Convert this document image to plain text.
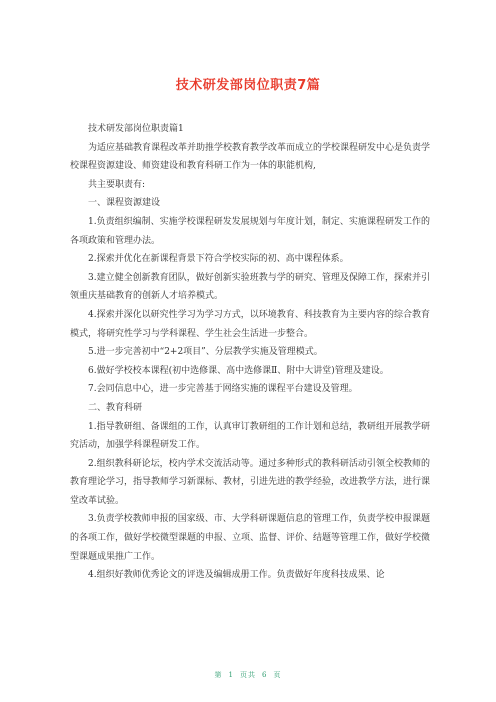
技术研发部岗位职责7篇

技术研发部岗位职责篇1

为适应基础教育课程改革并助推学校教育教学改革而成立的学校课程研发中心是负责学校课程资源建设、师资建设和教育科研工作为一体的职能机构,

共主要职责有:

一、课程资源建设

1.负责组织编制、实施学校课程研发发展规划与年度计划，制定、实施课程研发工作的各项政策和管理办法。

2.探索并优化在新课程背景下符合学校实际的初、高中课程体系。

3.建立健全创新教育团队，做好创新实验班教与学的研究、管理及保障工作，探索并引领重庆基础教育的创新人才培养模式。

4.探索并深化以研究性学习为学习方式，以环境教育、科技教育为主要内容的综合教育模式，将研究性学习与学科课程、学生社会生活进一步整合。

5.进一步完善初中“2+2项目”、分层教学实施及管理模式。

6.做好学校校本课程(初中选修课、高中选修课Ⅱ、附中大讲堂)管理及建设。

7.会同信息中心，进一步完善基于网络实施的课程平台建设及管理。

二、教育科研

1.指导教研组、备课组的工作，认真审订教研组的工作计划和总结，教研组开展教学研究活动，加强学科课程研发工作。

2.组织教科研论坛，校内学术交流活动等。通过多种形式的教科研活动引领全校教师的教育理论学习，指导教师学习新课标、教材，引进先进的教学经验，改进教学方法，进行课堂改革试验。

3.负责学校教师申报的国家级、市、大学科研课题信息的管理工作，负责学校申报课题的各项工作，做好学校微型课题的申报、立项、监督、评价、结题等管理工作，做好学校微型课题成果推广工作。

4.组织好教师优秀论文的评选及编辑成册工作。负责做好年度科技成果、论

第 1 页共 6 页
